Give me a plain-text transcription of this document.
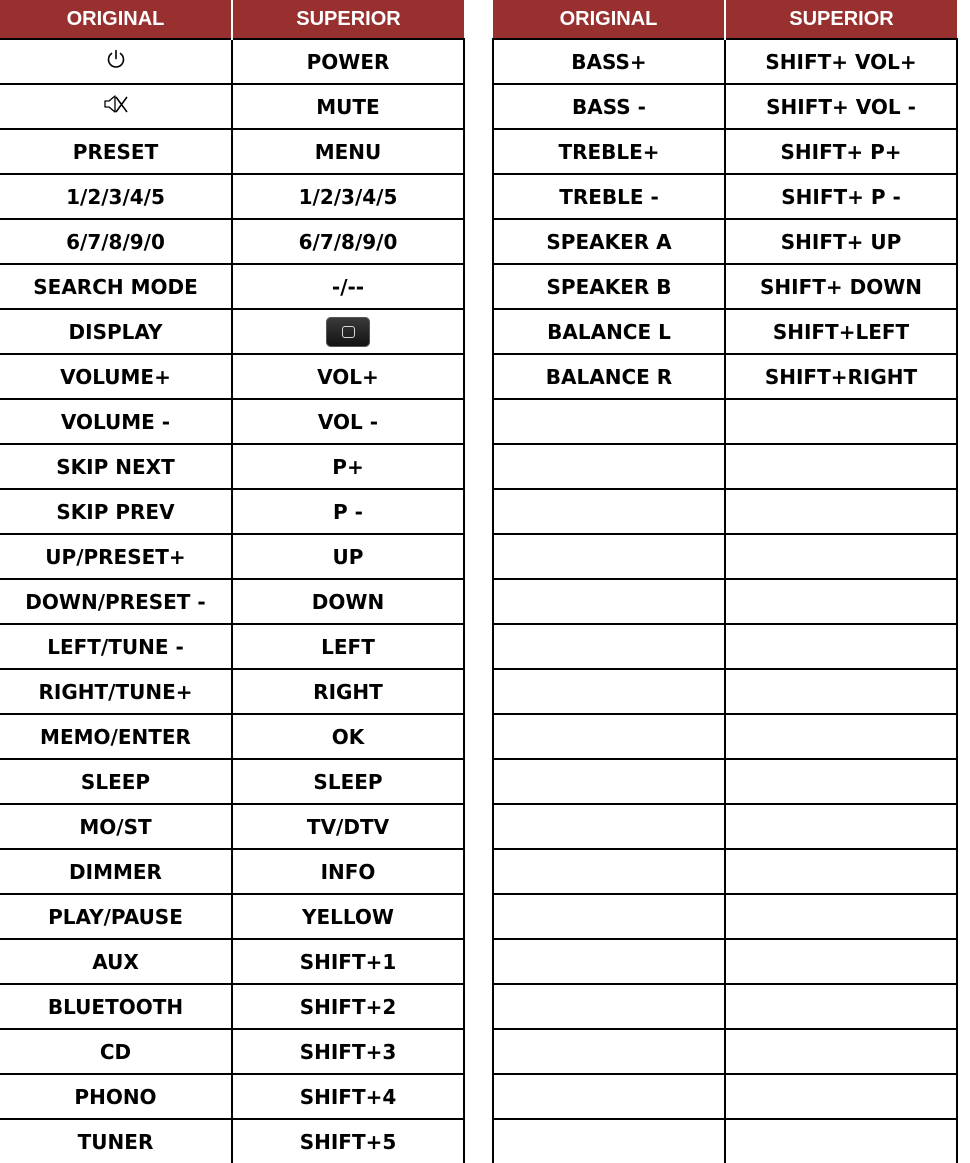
ORIGINAL	SUPERIOR

	POWER

	MUTE
PRESET	MENU
1/2/3/4/5	1/2/3/4/5
6/7/8/9/0	6/7/8/9/0
SEARCH MODE	-/--
DISPLAY	
VOLUME+	VOL+
VOLUME -	VOL -
SKIP NEXT	P+
SKIP PREV	P -
UP/PRESET+	UP
DOWN/PRESET -	DOWN
LEFT/TUNE -	LEFT
RIGHT/TUNE+	RIGHT
MEMO/ENTER	OK
SLEEP	SLEEP
MO/ST	TV/DTV
DIMMER	INFO
PLAY/PAUSE	YELLOW
AUX	SHIFT+1
BLUETOOTH	SHIFT+2
CD	SHIFT+3
PHONO	SHIFT+4
TUNER	SHIFT+5
ORIGINAL	SUPERIOR
BASS+	SHIFT+ VOL+
BASS -	SHIFT+ VOL -
TREBLE+	SHIFT+ P+
TREBLE -	SHIFT+ P -
SPEAKER A	SHIFT+ UP
SPEAKER B	SHIFT+ DOWN
BALANCE L	SHIFT+LEFT
BALANCE R	SHIFT+RIGHT
